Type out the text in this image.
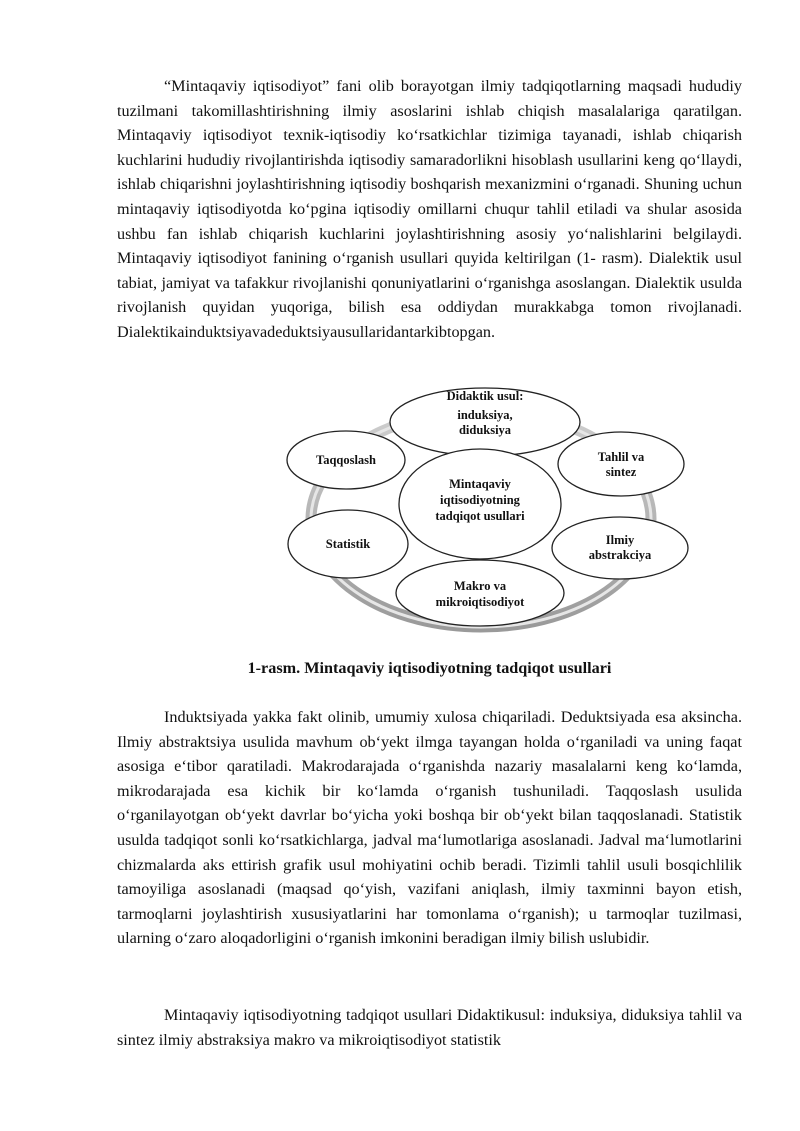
“Mintaqaviy iqtisodiyot” fani olib borayotgan ilmiy tadqiqotlarning maqsadi hududiy tuzilmani takomillashtirishning ilmiy asoslarini ishlab chiqish masalalariga qaratilgan. Mintaqaviy iqtisodiyot texnik-iqtisodiy ko‘rsatkichlar tizimiga tayanadi, ishlab chiqarish kuchlarini hududiy rivojlantirishda iqtisodiy samaradorlikni hisoblash usullarini keng qo‘llaydi, ishlab chiqarishni joylashtirishning iqtisodiy boshqarish mexanizmini o‘rganadi. Shuning uchun mintaqaviy iqtisodiyotda ko‘pgina iqtisodiy omillarni chuqur tahlil etiladi va shular asosida ushbu fan ishlab chiqarish kuchlarini joylashtirishning asosiy yo‘nalishlarini belgilaydi. Mintaqaviy iqtisodiyot fanining o‘rganish usullari quyida keltirilgan (1- rasm). Dialektik usul tabiat, jamiyat va tafakkur rivojlanishi qonuniyatlarini o‘rganishga asoslangan. Dialektik usulda rivojlanish quyidan yuqoriga, bilish esa oddiydan murakkabga tomon rivojlanadi. Dialektikainduktsiyavadeduktsiyausullaridantarkibtopgan.

Didaktik usul:
induksiya,
diduksiya
Taqqoslash	Tahlil va
sintez
Mintaqaviy
iqtisodiyotning
tadqiqot usullari
Statistik	Ilmiy
abstrakciya
Makro va
mikroiqtisodiyot

1-rasm. Mintaqaviy iqtisodiyotning tadqiqot usullari

Induktsiyada yakka fakt olinib, umumiy xulosa chiqariladi. Deduktsiyada esa aksincha. Ilmiy abstraktsiya usulida mavhum ob‘yekt ilmga tayangan holda o‘rganiladi va uning faqat asosiga e‘tibor qaratiladi. Makrodarajada o‘rganishda nazariy masalalarni keng ko‘lamda, mikrodarajada esa kichik bir ko‘lamda o‘rganish tushuniladi. Taqqoslash usulida o‘rganilayotgan ob‘yekt davrlar bo‘yicha yoki boshqa bir ob‘yekt bilan taqqoslanadi. Statistik usulda tadqiqot sonli ko‘rsatkichlarga, jadval ma‘lumotlariga asoslanadi. Jadval ma‘lumotlarini chizmalarda aks ettirish grafik usul mohiyatini ochib beradi. Tizimli tahlil usuli bosqichlilik tamoyiliga asoslanadi (maqsad qo‘yish, vazifani aniqlash, ilmiy taxminni bayon etish, tarmoqlarni joylashtirish xususiyatlarini har tomonlama o‘rganish); u tarmoqlar tuzilmasi, ularning o‘zaro aloqadorligini o‘rganish imkonini beradigan ilmiy bilish uslubidir.

Mintaqaviy iqtisodiyotning tadqiqot usullari Didaktikusul: induksiya, diduksiya tahlil va sintez ilmiy abstraksiya makro va mikroiqtisodiyot statistik
